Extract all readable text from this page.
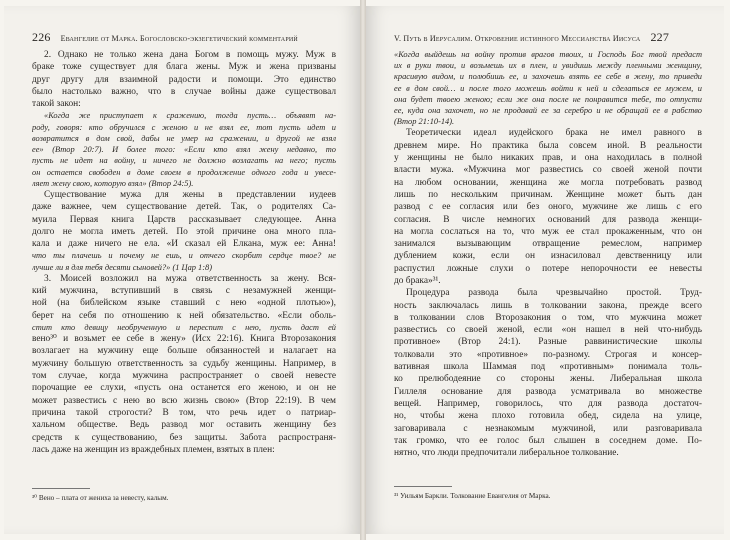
226 Евангелие от Марка. Богословско-экзегетический комментарий
2. Однако не только жена дана Богом в помощь мужу. Муж в
браке тоже существует для блага жены. Муж и жена призваны
друг другу для взаимной радости и помощи. Это единство
было настолько важно, что в случае войны даже существовал
такой закон:
«Когда же приступает к сражению, тогда пусть… объявят на-
роду, говоря: кто обручился с женою и не взял ее, тот пусть идет и
возвратится в дом свой, дабы не умер на сражении, и другой не взял
ее» (Втор 20:7). И более того: «Если кто взял жену недавно, то
пусть не идет на войну, и ничего не должно возлагать на него; пусть
он остается свободен в доме своем в продолжение одного года и увесе-
ляет жену свою, которую взял» (Втор 24:5).
Существование мужа для жены в представлении иудеев
даже важнее, чем существование детей. Так, о родителях Са-
муила Первая книга Царств рассказывает следующее. Анна
долго не могла иметь детей. По этой причине она много пла-
кала и даже ничего не ела. «И сказал ей Елкана, муж ее: Анна!
что ты плачешь и почему не ешь, и отчего скорбит сердце твое? не
лучше ли я для тебя десяти сыновей?» (1 Цар 1:8)
3. Моисей возложил на мужа ответственность за жену. Вся-
кий мужчина, вступивший в связь с незамужней женщи-
ной (на библейском языке ставший с нею «одной плотью»),
берет на себя по отношению к ней обязательство. «Если оболь-
стит кто девицу необрученную и переспит с нею, пусть даст ей
вено³⁰ и возьмет ее себе в жену» (Исх 22:16). Книга Второзакония
возлагает на мужчину еще больше обязанностей и налагает на
мужчину большую ответственность за судьбу женщины. Например, в
том случае, когда мужчина распространяет о своей невесте
порочащие ее слухи, «пусть она останется его женою, и он не
может развестись с нею во всю жизнь свою» (Втор 22:19). В чем
причина такой строгости? В том, что речь идет о патриар-
хальном обществе. Ведь развод мог оставить женщину без
средств к существованию, без защиты. Забота распространя-
лась даже на женщин из враждебных племен, взятых в плен:
³⁰ Вено – плата от жениха за невесту, калым.
V. Путь в Иерусалим. Откровение истинного Мессианства Иисуса 227
«Когда выйдешь на войну против врагов твоих, и Господь Бог твой предаст
их в руки твои, и возьмешь их в плен, и увидишь между пленными женщину,
красивую видом, и полюбишь ее, и захочешь взять ее себе в жену, то приведи
ее в дом свой… и после того можешь войти к ней и сделаться ее мужем, и
она будет твоею женою; если же она после не понравится тебе, то отпусти
ее, куда она захочет, но не продавай ее за серебро и не обращай ее в рабство
(Втор 21:10-14).
Теоретически идеал иудейского брака не имел равного в
древнем мире. Но практика была совсем иной. В реальности
у женщины не было никаких прав, и она находилась в полной
власти мужа. «Мужчина мог развестись со своей женой почти
на любом основании, женщина же могла потребовать развод
лишь по нескольким причинам. Женщине может быть дан
развод с ее согласия или без оного, мужчине же лишь с его
согласия. В числе немногих оснований для развода женщи-
на могла сослаться на то, что муж ее стал прокаженным, что он
занимался вызывающим отвращение ремеслом, например
дублением кожи, если он изнасиловал девственницу или
распустил ложные слухи о потере непорочности ее невесты
до брака»³¹.
Процедура развода была чрезвычайно простой. Труд-
ность заключалась лишь в толковании закона, прежде всего
в толковании слов Второзакония о том, что мужчина может
развестись со своей женой, если «он нашел в ней что-нибудь
противное» (Втор 24:1). Разные раввинистические школы
толковали это «противное» по-разному. Строгая и консер-
вативная школа Шаммая под «противным» понимала толь-
ко прелюбодеяние со стороны жены. Либеральная школа
Гиллеля основание для развода усматривала во множестве
вещей. Например, говорилось, что для развода достаточ-
но, чтобы жена плохо готовила обед, сидела на улице,
заговаривала с незнакомым мужчиной, или разговаривала
так громко, что ее голос был слышен в соседнем доме. По-
нятно, что люди предпочитали либеральное толкование.
³¹ Уильям Баркли. Толкование Евангелия от Марка.
